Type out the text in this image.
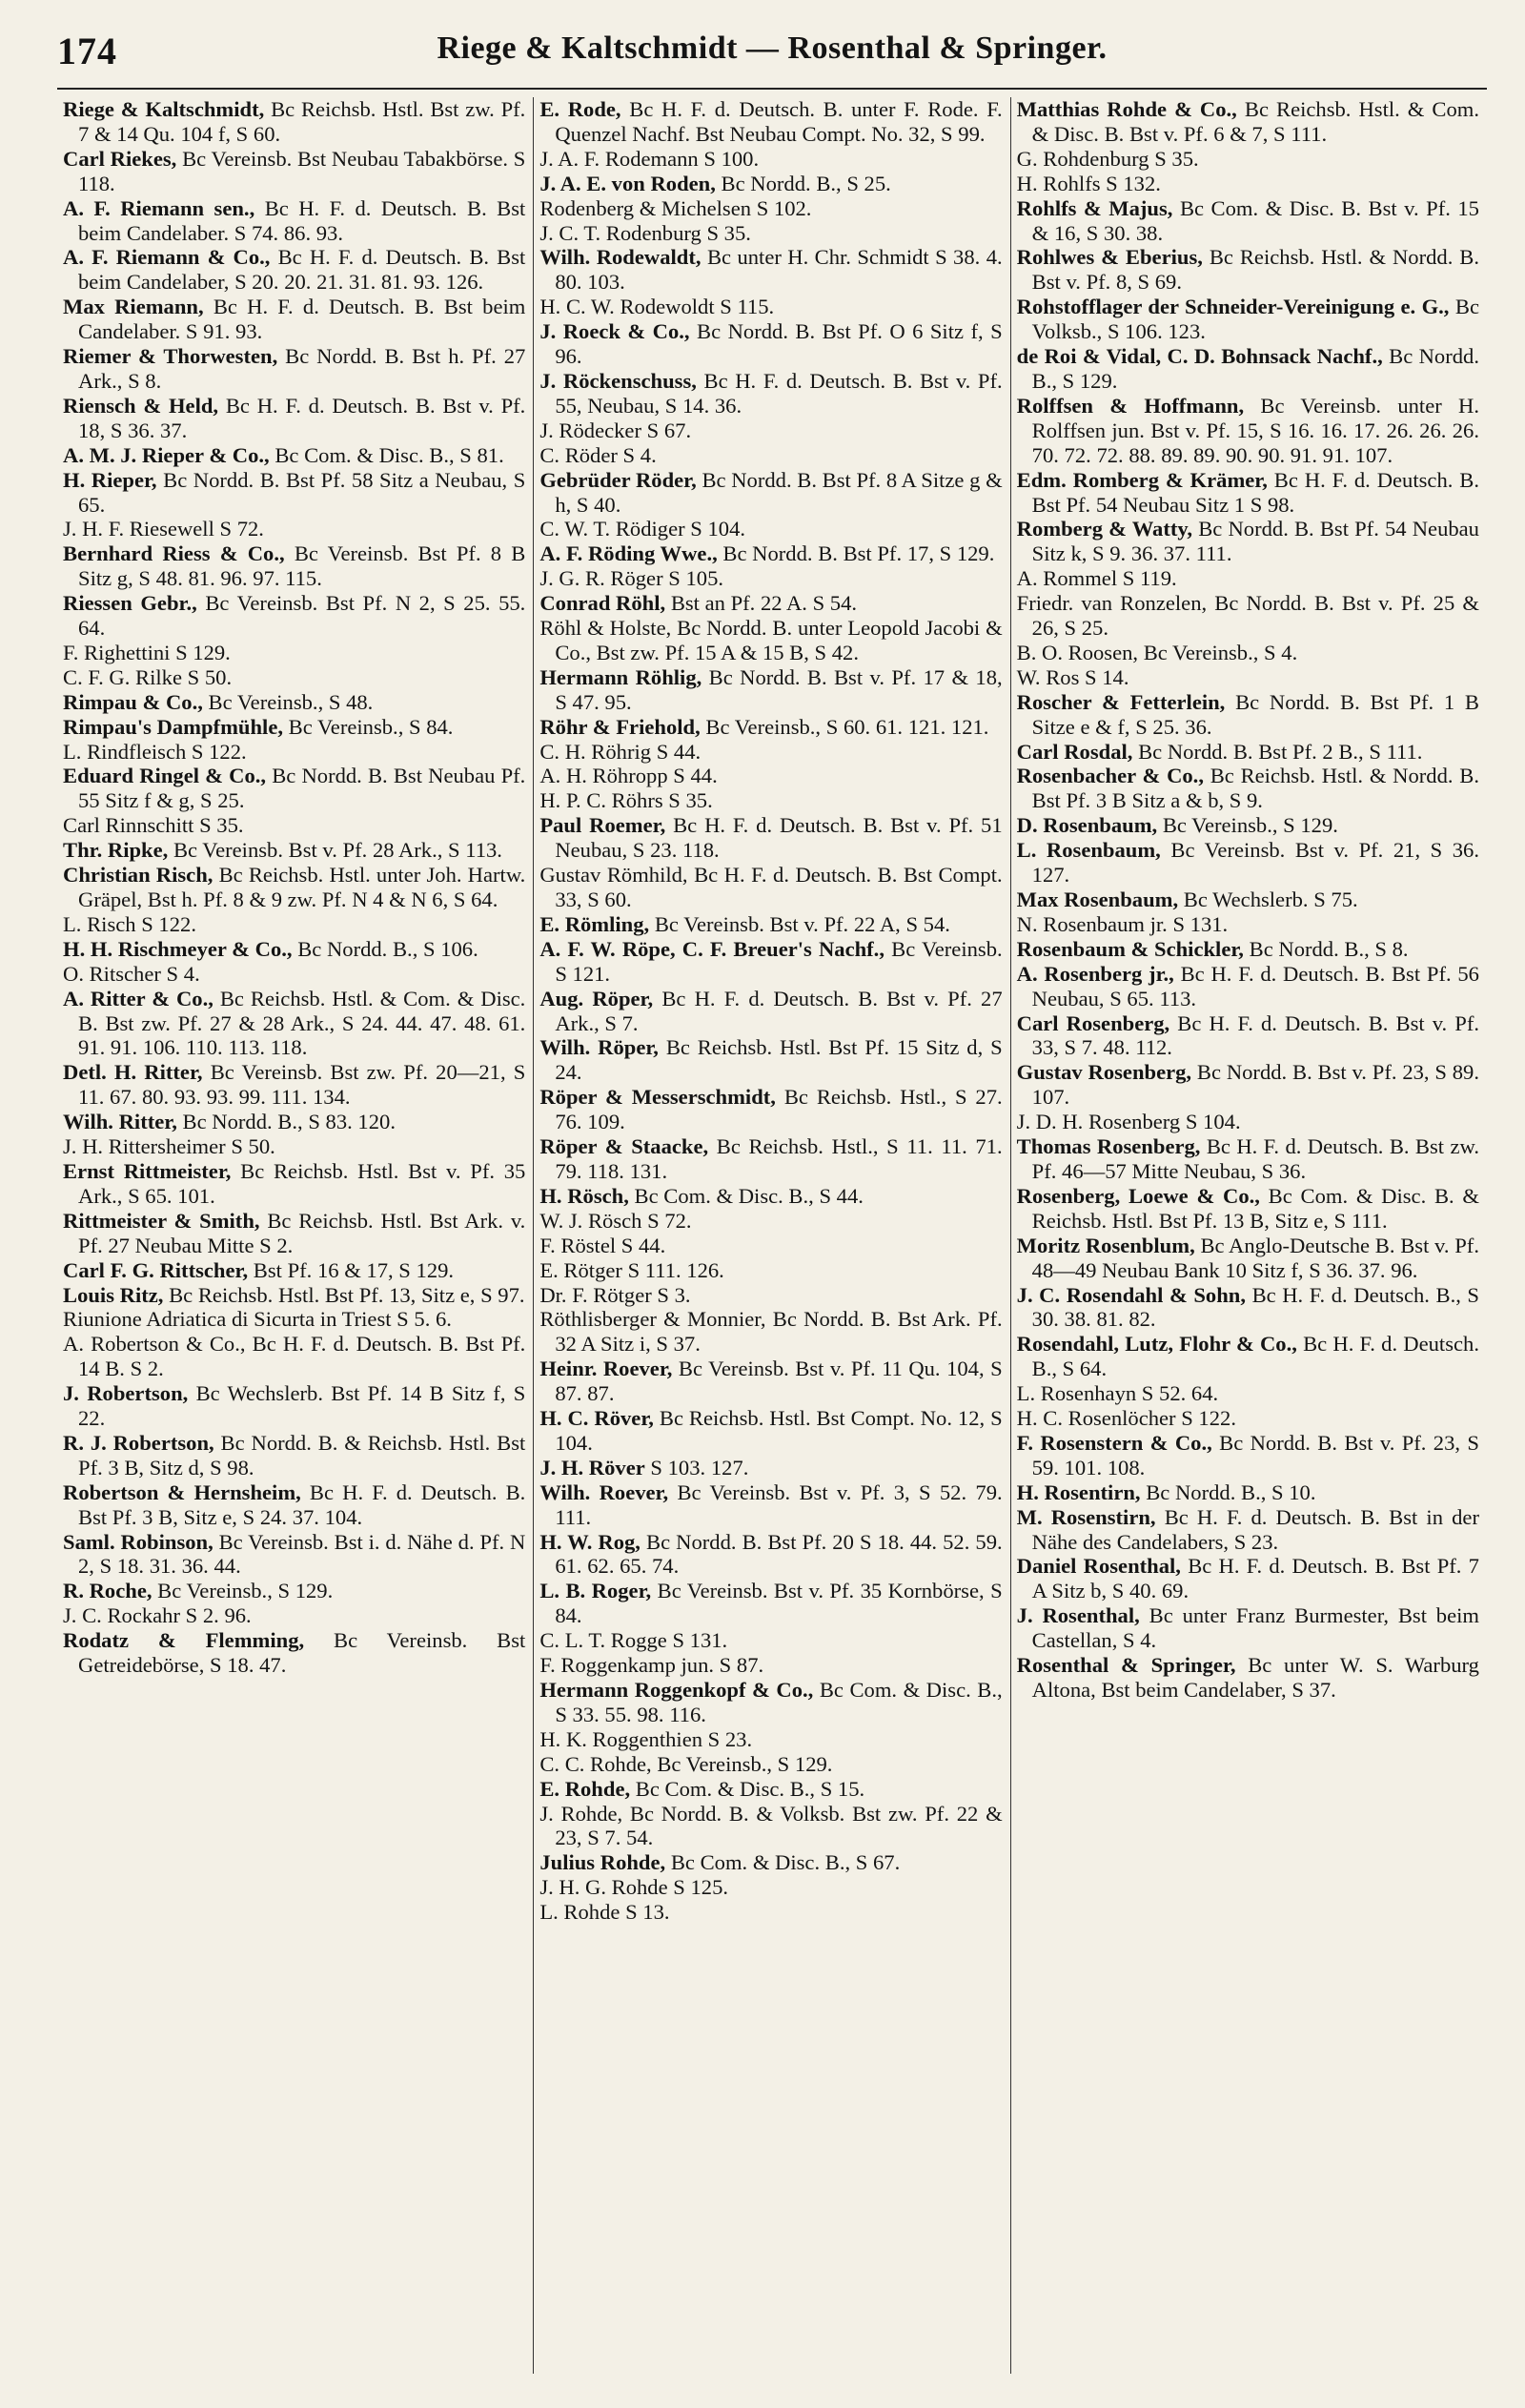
174	Riege & Kaltschmidt — Rosenthal & Springer.

Riege & Kaltschmidt, Bc Reichsb. Hstl. Bst zw. Pf. 7 & 14 Qu. 104 f, S 60.

Carl Riekes, Bc Vereinsb. Bst Neubau Tabakbörse. S 118.

A. F. Riemann sen., Bc H. F. d. Deutsch. B. Bst beim Candelaber. S 74. 86. 93.

A. F. Riemann & Co., Bc H. F. d. Deutsch. B. Bst beim Candelaber, S 20. 20. 21. 31. 81. 93. 126.

Max Riemann, Bc H. F. d. Deutsch. B. Bst beim Candelaber. S 91. 93.

Riemer & Thorwesten, Bc Nordd. B. Bst h. Pf. 27 Ark., S 8.

Riensch & Held, Bc H. F. d. Deutsch. B. Bst v. Pf. 18, S 36. 37.

A. M. J. Rieper & Co., Bc Com. & Disc. B., S 81.

H. Rieper, Bc Nordd. B. Bst Pf. 58 Sitz a Neubau, S 65.

J. H. F. Riesewell S 72.

Bernhard Riess & Co., Bc Vereinsb. Bst Pf. 8 B Sitz g, S 48. 81. 96. 97. 115.

Riessen Gebr., Bc Vereinsb. Bst Pf. N 2, S 25. 55. 64.

F. Righettini S 129.

C. F. G. Rilke S 50.

Rimpau & Co., Bc Vereinsb., S 48.

Rimpau's Dampfmühle, Bc Vereinsb., S 84.

L. Rindfleisch S 122.

Eduard Ringel & Co., Bc Nordd. B. Bst Neubau Pf. 55 Sitz f & g, S 25.

Carl Rinnschitt S 35.

Thr. Ripke, Bc Vereinsb. Bst v. Pf. 28 Ark., S 113.

Christian Risch, Bc Reichsb. Hstl. unter Joh. Hartw. Gräpel, Bst h. Pf. 8 & 9 zw. Pf. N 4 & N 6, S 64.

L. Risch S 122.

H. H. Rischmeyer & Co., Bc Nordd. B., S 106.

O. Ritscher S 4.

A. Ritter & Co., Bc Reichsb. Hstl. & Com. & Disc. B. Bst zw. Pf. 27 & 28 Ark., S 24. 44. 47. 48. 61. 91. 91. 106. 110. 113. 118.

Detl. H. Ritter, Bc Vereinsb. Bst zw. Pf. 20—21, S 11. 67. 80. 93. 93. 99. 111. 134.

Wilh. Ritter, Bc Nordd. B., S 83. 120.

J. H. Rittersheimer S 50.

Ernst Rittmeister, Bc Reichsb. Hstl. Bst v. Pf. 35 Ark., S 65. 101.

Rittmeister & Smith, Bc Reichsb. Hstl. Bst Ark. v. Pf. 27 Neubau Mitte S 2.

Carl F. G. Rittscher, Bst Pf. 16 & 17, S 129.

Louis Ritz, Bc Reichsb. Hstl. Bst Pf. 13, Sitz e, S 97.

Riunione Adriatica di Sicurta in Triest S 5. 6.

A. Robertson & Co., Bc H. F. d. Deutsch. B. Bst Pf. 14 B. S 2.

J. Robertson, Bc Wechslerb. Bst Pf. 14 B Sitz f, S 22.

R. J. Robertson, Bc Nordd. B. & Reichsb. Hstl. Bst Pf. 3 B, Sitz d, S 98.

Robertson & Hernsheim, Bc H. F. d. Deutsch. B. Bst Pf. 3 B, Sitz e, S 24. 37. 104.

Saml. Robinson, Bc Vereinsb. Bst i. d. Nähe d. Pf. N 2, S 18. 31. 36. 44.

R. Roche, Bc Vereinsb., S 129.

J. C. Rockahr S 2. 96.

Rodatz & Flemming, Bc Vereinsb. Bst Getreidebörse, S 18. 47.

E. Rode, Bc H. F. d. Deutsch. B. unter F. Rode. F. Quenzel Nachf. Bst Neubau Compt. No. 32, S 99.

J. A. F. Rodemann S 100.

J. A. E. von Roden, Bc Nordd. B., S 25.

Rodenberg & Michelsen S 102.

J. C. T. Rodenburg S 35.

Wilh. Rodewaldt, Bc unter H. Chr. Schmidt S 38. 4. 80. 103.

H. C. W. Rodewoldt S 115.

J. Roeck & Co., Bc Nordd. B. Bst Pf. O 6 Sitz f, S 96.

J. Röckenschuss, Bc H. F. d. Deutsch. B. Bst v. Pf. 55, Neubau, S 14. 36.

J. Rödecker S 67.

C. Röder S 4.

Gebrüder Röder, Bc Nordd. B. Bst Pf. 8 A Sitze g & h, S 40.

C. W. T. Rödiger S 104.

A. F. Röding Wwe., Bc Nordd. B. Bst Pf. 17, S 129.

J. G. R. Röger S 105.

Conrad Röhl, Bst an Pf. 22 A. S 54.

Röhl & Holste, Bc Nordd. B. unter Leopold Jacobi & Co., Bst zw. Pf. 15 A & 15 B, S 42.

Hermann Röhlig, Bc Nordd. B. Bst v. Pf. 17 & 18, S 47. 95.

Röhr & Friehold, Bc Vereinsb., S 60. 61. 121. 121.

C. H. Röhrig S 44.

A. H. Röhropp S 44.

H. P. C. Röhrs S 35.

Paul Roemer, Bc H. F. d. Deutsch. B. Bst v. Pf. 51 Neubau, S 23. 118.

Gustav Römhild, Bc H. F. d. Deutsch. B. Bst Compt. 33, S 60.

E. Römling, Bc Vereinsb. Bst v. Pf. 22 A, S 54.

A. F. W. Röpe, C. F. Breuer's Nachf., Bc Vereinsb. S 121.

Aug. Röper, Bc H. F. d. Deutsch. B. Bst v. Pf. 27 Ark., S 7.

Wilh. Röper, Bc Reichsb. Hstl. Bst Pf. 15 Sitz d, S 24.

Röper & Messerschmidt, Bc Reichsb. Hstl., S 27. 76. 109.

Röper & Staacke, Bc Reichsb. Hstl., S 11. 11. 71. 79. 118. 131.

H. Rösch, Bc Com. & Disc. B., S 44.

W. J. Rösch S 72.

F. Röstel S 44.

E. Rötger S 111. 126.

Dr. F. Rötger S 3.

Röthlisberger & Monnier, Bc Nordd. B. Bst Ark. Pf. 32 A Sitz i, S 37.

Heinr. Roever, Bc Vereinsb. Bst v. Pf. 11 Qu. 104, S 87. 87.

H. C. Röver, Bc Reichsb. Hstl. Bst Compt. No. 12, S 104.

J. H. Röver S 103. 127.

Wilh. Roever, Bc Vereinsb. Bst v. Pf. 3, S 52. 79. 111.

H. W. Rog, Bc Nordd. B. Bst Pf. 20 S 18. 44. 52. 59. 61. 62. 65. 74.

L. B. Roger, Bc Vereinsb. Bst v. Pf. 35 Kornbörse, S 84.

C. L. T. Rogge S 131.

F. Roggenkamp jun. S 87.

Hermann Roggenkopf & Co., Bc Com. & Disc. B., S 33. 55. 98. 116.

H. K. Roggenthien S 23.

C. C. Rohde, Bc Vereinsb., S 129.

E. Rohde, Bc Com. & Disc. B., S 15.

J. Rohde, Bc Nordd. B. & Volksb. Bst zw. Pf. 22 & 23, S 7. 54.

Julius Rohde, Bc Com. & Disc. B., S 67.

J. H. G. Rohde S 125.

L. Rohde S 13.

Matthias Rohde & Co., Bc Reichsb. Hstl. & Com. & Disc. B. Bst v. Pf. 6 & 7, S 111.

G. Rohdenburg S 35.

H. Rohlfs S 132.

Rohlfs & Majus, Bc Com. & Disc. B. Bst v. Pf. 15 & 16, S 30. 38.

Rohlwes & Eberius, Bc Reichsb. Hstl. & Nordd. B. Bst v. Pf. 8, S 69.

Rohstofflager der Schneider-Vereinigung e. G., Bc Volksb., S 106. 123.

de Roi & Vidal, C. D. Bohnsack Nachf., Bc Nordd. B., S 129.

Rolffsen & Hoffmann, Bc Vereinsb. unter H. Rolffsen jun. Bst v. Pf. 15, S 16. 16. 17. 26. 26. 26. 70. 72. 72. 88. 89. 89. 90. 90. 91. 91. 107.

Edm. Romberg & Krämer, Bc H. F. d. Deutsch. B. Bst Pf. 54 Neubau Sitz 1 S 98.

Romberg & Watty, Bc Nordd. B. Bst Pf. 54 Neubau Sitz k, S 9. 36. 37. 111.

A. Rommel S 119.

Friedr. van Ronzelen, Bc Nordd. B. Bst v. Pf. 25 & 26, S 25.

B. O. Roosen, Bc Vereinsb., S 4.

W. Ros S 14.

Roscher & Fetterlein, Bc Nordd. B. Bst Pf. 1 B Sitze e & f, S 25. 36.

Carl Rosdal, Bc Nordd. B. Bst Pf. 2 B., S 111.

Rosenbacher & Co., Bc Reichsb. Hstl. & Nordd. B. Bst Pf. 3 B Sitz a & b, S 9.

D. Rosenbaum, Bc Vereinsb., S 129.

L. Rosenbaum, Bc Vereinsb. Bst v. Pf. 21, S 36. 127.

Max Rosenbaum, Bc Wechslerb. S 75.

N. Rosenbaum jr. S 131.

Rosenbaum & Schickler, Bc Nordd. B., S 8.

A. Rosenberg jr., Bc H. F. d. Deutsch. B. Bst Pf. 56 Neubau, S 65. 113.

Carl Rosenberg, Bc H. F. d. Deutsch. B. Bst v. Pf. 33, S 7. 48. 112.

Gustav Rosenberg, Bc Nordd. B. Bst v. Pf. 23, S 89. 107.

J. D. H. Rosenberg S 104.

Thomas Rosenberg, Bc H. F. d. Deutsch. B. Bst zw. Pf. 46—57 Mitte Neubau, S 36.

Rosenberg, Loewe & Co., Bc Com. & Disc. B. & Reichsb. Hstl. Bst Pf. 13 B, Sitz e, S 111.

Moritz Rosenblum, Bc Anglo-Deutsche B. Bst v. Pf. 48—49 Neubau Bank 10 Sitz f, S 36. 37. 96.

J. C. Rosendahl & Sohn, Bc H. F. d. Deutsch. B., S 30. 38. 81. 82.

Rosendahl, Lutz, Flohr & Co., Bc H. F. d. Deutsch. B., S 64.

L. Rosenhayn S 52. 64.

H. C. Rosenlöcher S 122.

F. Rosenstern & Co., Bc Nordd. B. Bst v. Pf. 23, S 59. 101. 108.

H. Rosentirn, Bc Nordd. B., S 10.

M. Rosenstirn, Bc H. F. d. Deutsch. B. Bst in der Nähe des Candelabers, S 23.

Daniel Rosenthal, Bc H. F. d. Deutsch. B. Bst Pf. 7 A Sitz b, S 40. 69.

J. Rosenthal, Bc unter Franz Burmester, Bst beim Castellan, S 4.

Rosenthal & Springer, Bc unter W. S. Warburg Altona, Bst beim Candelaber, S 37.
